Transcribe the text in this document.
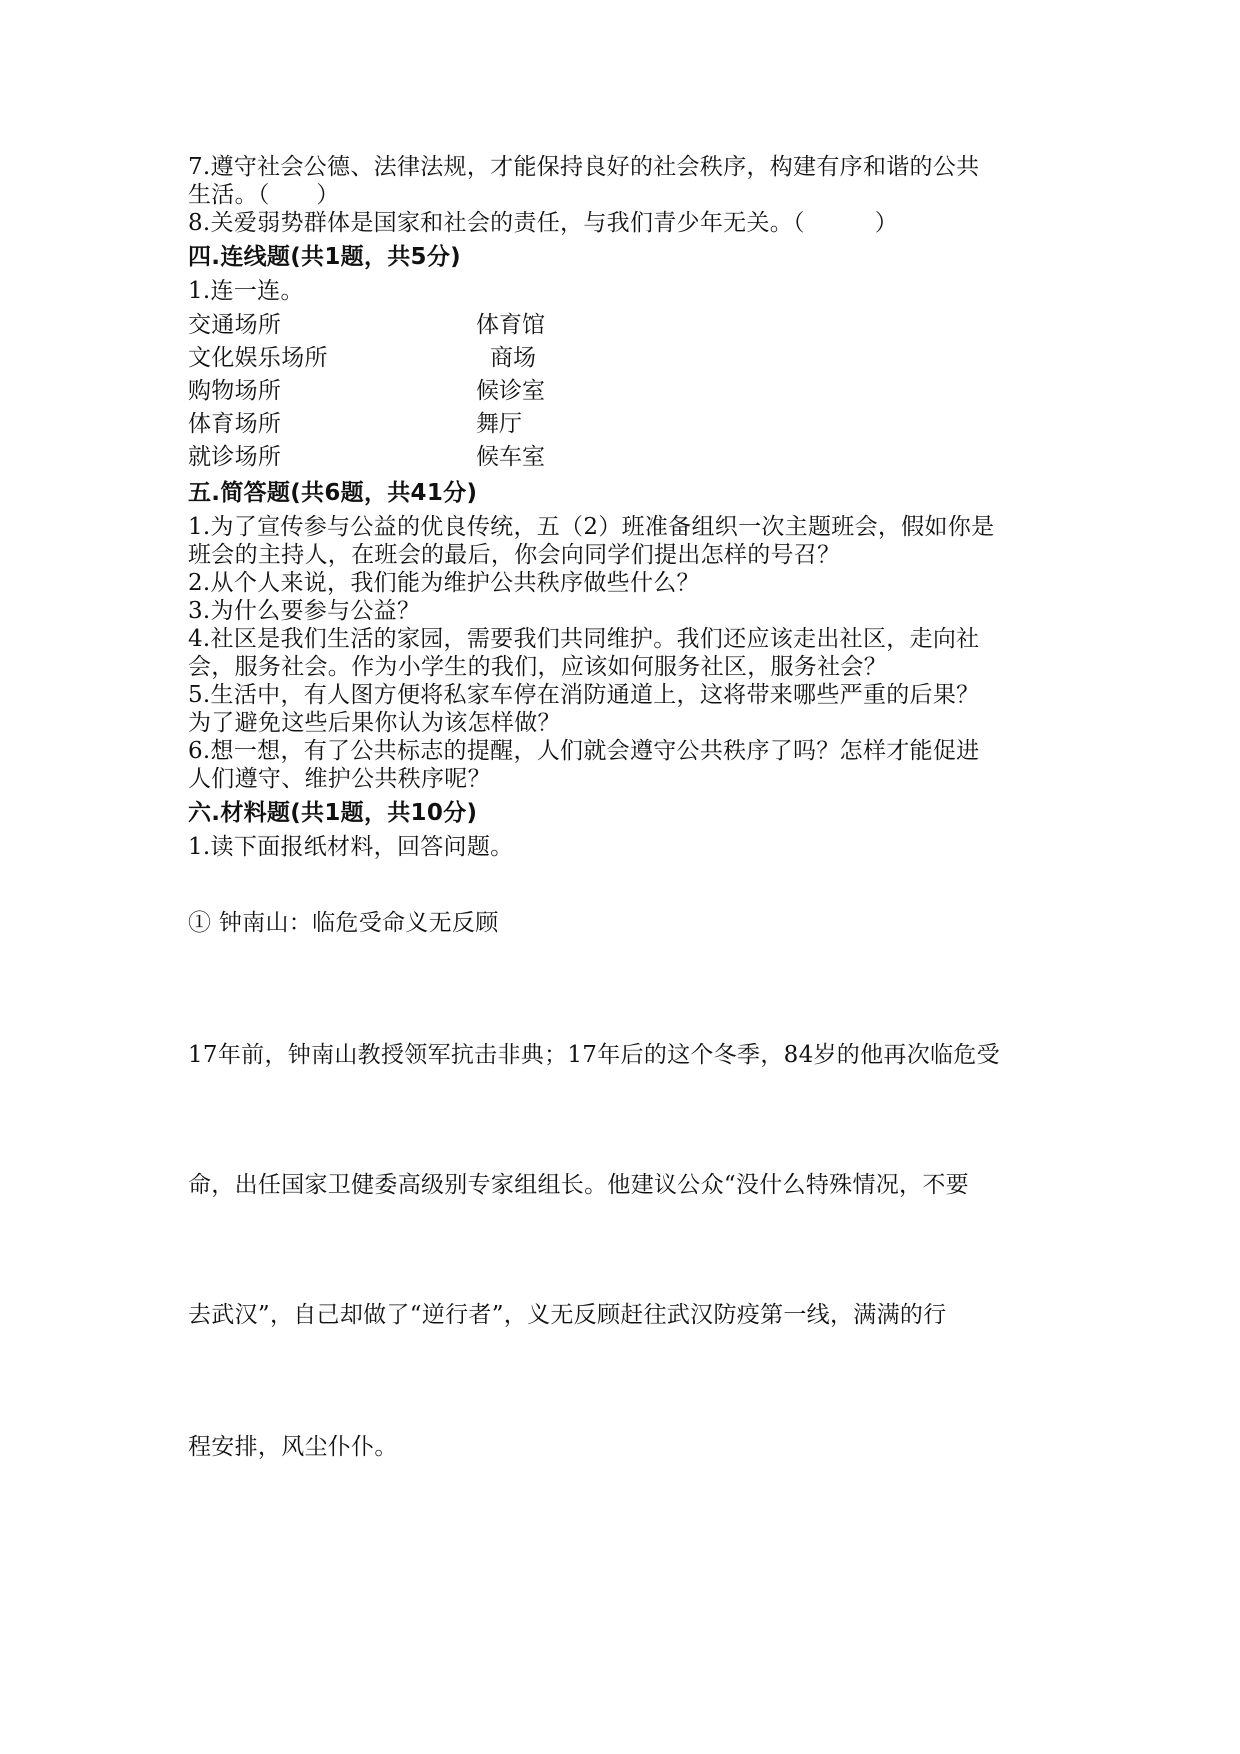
7.遵守社会公德、法律法规，才能保持良好的社会秩序，构建有序和谐的公共
生活。（　　）
8.关爱弱势群体是国家和社会的责任，与我们青少年无关。（　　　）
四.连线题(共1题，共5分)
1.连一连。
交通场所	体育馆
文化娱乐场所	商场
购物场所	候诊室
体育场所	舞厅
就诊场所	候车室
五.简答题(共6题，共41分)
1.为了宣传参与公益的优良传统，五（2）班准备组织一次主题班会，假如你是
班会的主持人，在班会的最后，你会向同学们提出怎样的号召？
2.从个人来说，我们能为维护公共秩序做些什么？
3.为什么要参与公益？
4.社区是我们生活的家园，需要我们共同维护。我们还应该走出社区，走向社
会，服务社会。作为小学生的我们，应该如何服务社区，服务社会？
5.生活中，有人图方便将私家车停在消防通道上，这将带来哪些严重的后果？
为了避免这些后果你认为该怎样做？
6.想一想，有了公共标志的提醒，人们就会遵守公共秩序了吗？怎样才能促进
人们遵守、维护公共秩序呢？
六.材料题(共1题，共10分)
1.读下面报纸材料，回答问题。
① 钟南山：临危受命义无反顾
17年前，钟南山教授领军抗击非典；17年后的这个冬季，84岁的他再次临危受
命，出任国家卫健委高级别专家组组长。他建议公众“没什么特殊情况，不要
去武汉”，自己却做了“逆行者”，义无反顾赶往武汉防疫第一线，满满的行
程安排，风尘仆仆。
